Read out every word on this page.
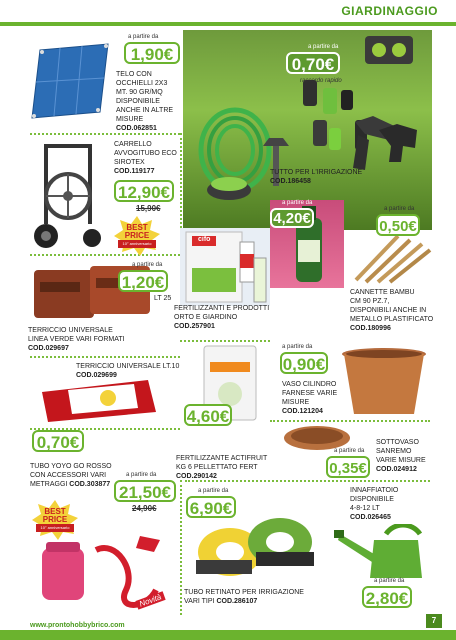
GIARDINAGGIO
a partire da
1,90€
TELO CON
OCCHIELLI 2X3
MT. 90 GR/MQ
DISPONIBILE
ANCHE IN ALTRE
MISURE
COD.062851
a partire da
0,70€
raccordo rapido
TUTTO PER L'IRRIGAZIONE
COD.186458
CARRELLO
AVVOGITUBO ECO
SIROTEX
COD.119177
12,90€
15,90€
BEST
PRICE
10° anniversario
cifo
a partire da
4,20€
FERTILIZZANTI E PRODOTTI
ORTO E GIARDINO
COD.257901
a partire da
0,50€
CANNETTE BAMBU
CM 90 PZ.7,
DISPONIBILI ANCHE IN
METALLO PLASTIFICATO
COD.180996
a partire da
1,20€
LT 25
TERRICCIO UNIVERSALE
LINEA VERDE VARI FORMATI
COD.029697
TERRICCIO UNIVERSALE LT.10
COD.029699
0,70€
4,60€
FERTILIZZANTE ACTIFRUIT
KG 6 PELLETTATO FERT
COD.290142
a partire da
0,90€
VASO CILINDRO
FARNESE VARIE
MISURE
COD.121204
a partire da
0,35€
SOTTOVASO
SANREMO
VARIE MISURE
COD.024912
TUBO YOYO GO ROSSO
CON ACCESSORI VARI
METRAGGI COD.303877
a partire da
21,50€
24,90€
BEST
PRICE
10° anniversario
Novità
a partire da
6,90€
TUBO RETINATO PER IRRIGAZIONE
VARI TIPI COD.286107
INNAFFIATOIO
DISPONIBILE
4-8-12 LT
COD.026465
a partire da
2,80€
www.prontohobbybrico.com
7
